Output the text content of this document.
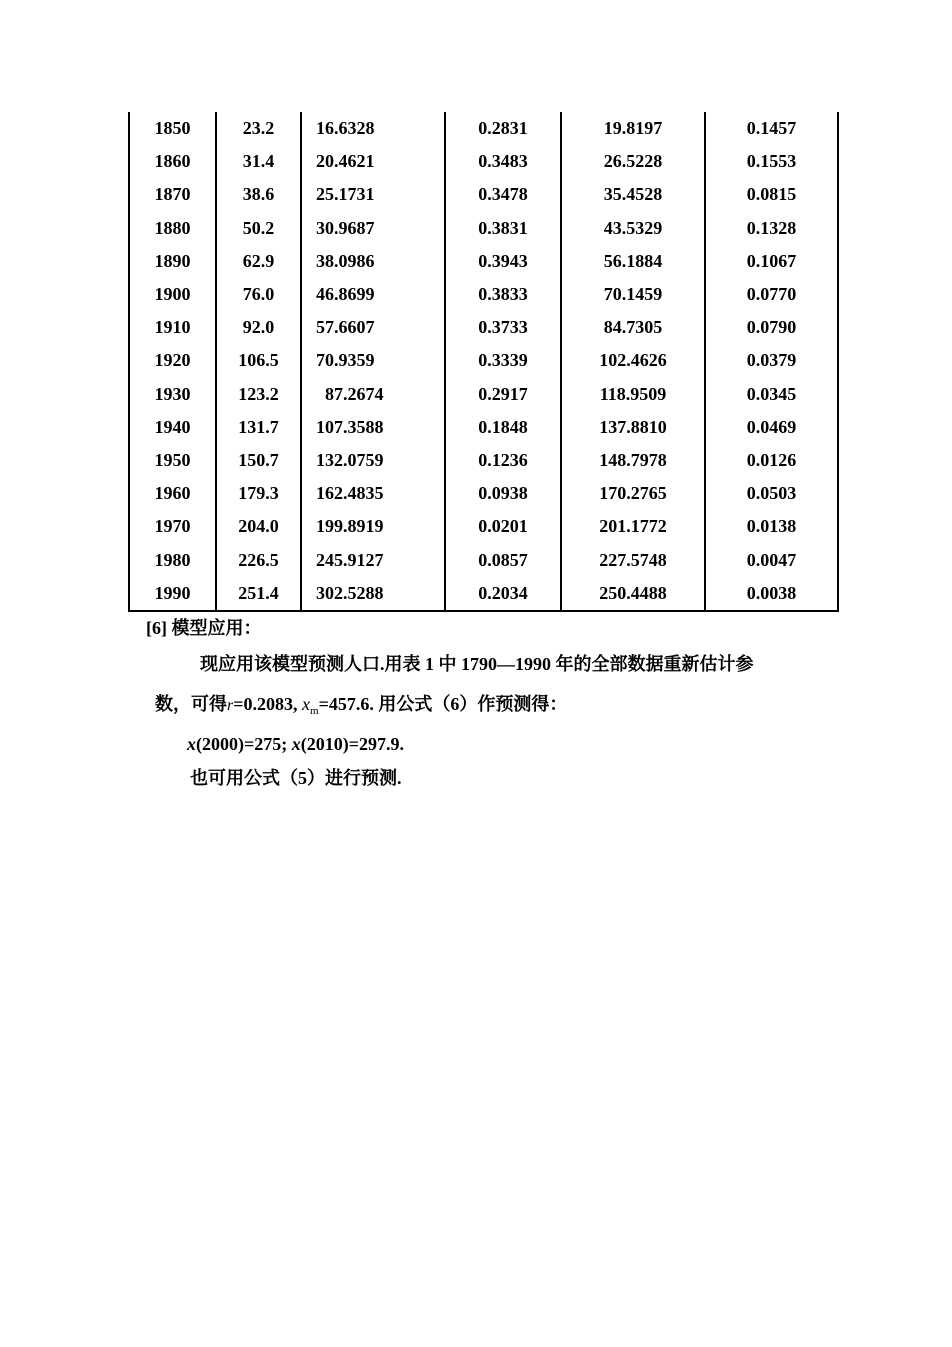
1850	23.2	16.6328	0.2831	19.8197	0.1457
1860	31.4	20.4621	0.3483	26.5228	0.1553
1870	38.6	25.1731	0.3478	35.4528	0.0815
1880	50.2	30.9687	0.3831	43.5329	0.1328
1890	62.9	38.0986	0.3943	56.1884	0.1067
1900	76.0	46.8699	0.3833	70.1459	0.0770
1910	92.0	57.6607	0.3733	84.7305	0.0790
1920	106.5	70.9359	0.3339	102.4626	0.0379
1930	123.2	87.2674	0.2917	118.9509	0.0345
1940	131.7	107.3588	0.1848	137.8810	0.0469
1950	150.7	132.0759	0.1236	148.7978	0.0126
1960	179.3	162.4835	0.0938	170.2765	0.0503
1970	204.0	199.8919	0.0201	201.1772	0.0138
1980	226.5	245.9127	0.0857	227.5748	0.0047
1990	251.4	302.5288	0.2034	250.4488	0.0038
[6] 模型应用：
现应用该模型预测人口.用表 1 中 1790—1990 年的全部数据重新估计参
数，可得r=0.2083, $x_m=457.6$. 用公式（6）作预测得：
x(2000)=275; x(2010)=297.9.
也可用公式（5）进行预测.
